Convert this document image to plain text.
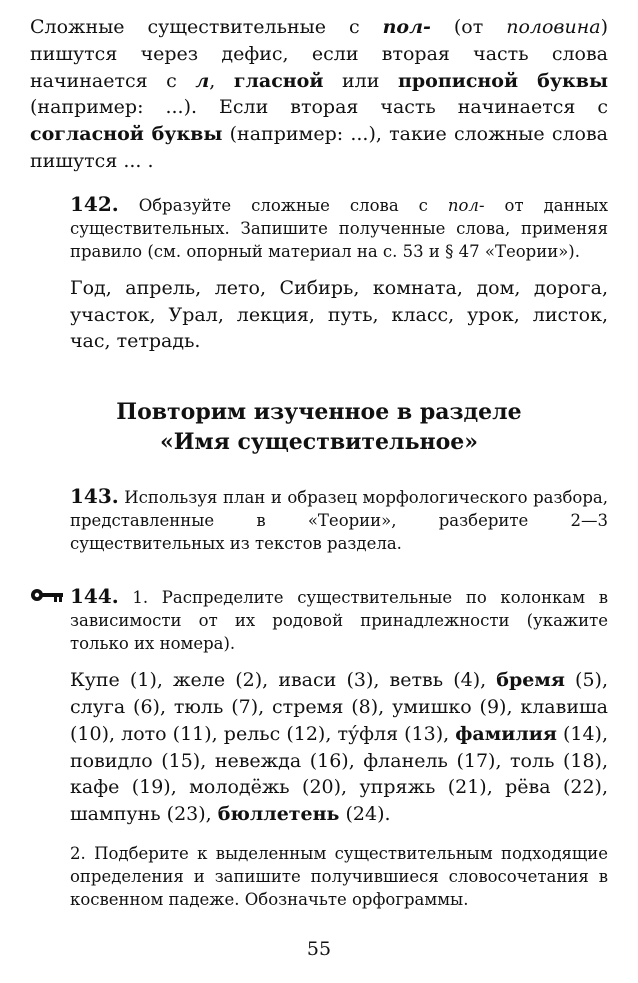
Сложные существительные с пол- (от половина) пишутся через дефис, если вторая часть слова начинается с л, гласной или прописной буквы (например: ...). Если вторая часть начинается с согласной буквы (например: ...), такие сложные слова пишутся ... .

142. Образуйте сложные слова с пол- от данных существительных. Запишите полученные слова, применяя правило (см. опорный материал на с. 53 и § 47 «Теории»).

Год, апрель, лето, Сибирь, комната, дом, дорога, участок, Урал, лекция, путь, класс, урок, листок, час, тетрадь.

Повторим изученное в разделе

«Имя существительное»

143. Используя план и образец морфологического разбора, представленные в «Теории», разберите 2—3 существительных из текстов раздела.

144. 1. Распределите существительные по колонкам в зависимости от их родовой принадлежности (укажите только их номера).

Купе (1), желе (2), иваси (3), ветвь (4), бремя (5), слуга (6), тюль (7), стремя (8), умишко (9), клавиша (10), лото (11), рельс (12), ту́фля (13), фамилия (14), повидло (15), невежда (16), фланель (17), толь (18), кафе (19), молодёжь (20), упряжь (21), рёва (22), шампунь (23), бюллетень (24).

2. Подберите к выделенным существительным подходящие определения и запишите получившиеся словосочетания в косвенном падеже. Обозначьте орфограммы.

55
